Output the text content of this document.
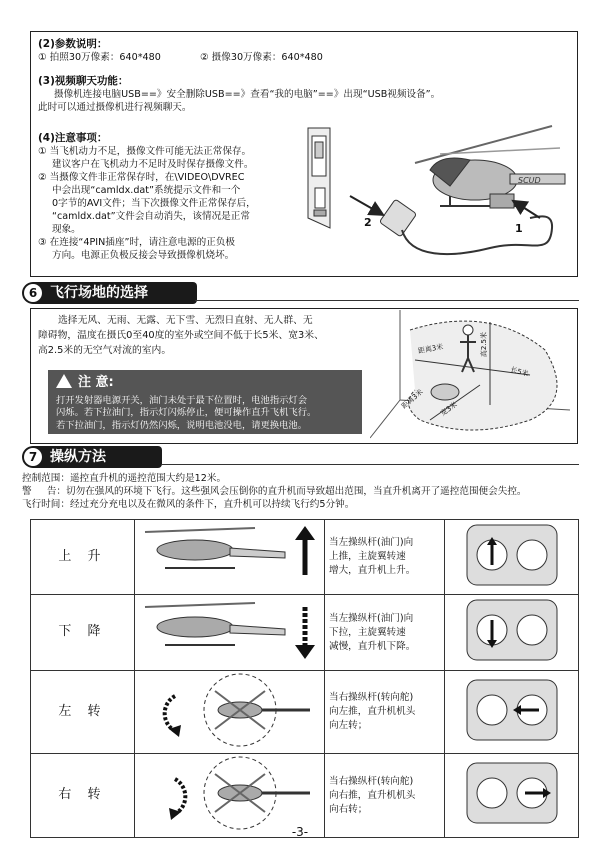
(2)参数说明：
① 拍照30万像素：640*480	② 摄像30万像素：640*480
(3)视频聊天功能：
摄像机连接电脑USB==》安全删除USB==》查看“我的电脑”==》出现“USB视频设备”。
此时可以通过摄像机进行视频聊天。
(4)注意事项：
① 当飞机动力不足，摄像文件可能无法正常保存。
建议客户在飞机动力不足时及时保存摄像文件。
② 当摄像文件非正常保存时，在\VIDEO\DVREC
中会出现“camldx.dat”系统提示文件和一个
0字节的AVI文件；当下次摄像文件正常保存后，
“camldx.dat”文件会自动消失，该情况是正常
现象。
③ 在连接“4PIN插座”时，请注意电源的正负极
方向。电源正负极反接会导致摄像机烧坏。
SCUD
2	1
6 飞行场地的选择
选择无风、无雨、无露、无下雪、无烈日直射、无人群、无
障碍物，温度在摄氏0至40度的室外或空间不低于长5米、宽3米、
高2.5米的无空气对流的室内。
注 意:
打开发射器电源开关，油门未处于最下位置时，电池指示灯会
闪烁。若下拉油门，指示灯闪烁停止，便可操作直升飞机飞行。
若下拉油门，指示灯仍然闪烁，说明电池没电，请更换电池。
高2.5米
长5米
宽3米
距离3米
距离3米
7 操纵方法
控制范围：遥控直升机的遥控范围大约是12米。
警     告：切勿在强风的环境下飞行。这些强风会压倒你的直升机而导致超出范围，当直升机离开了遥控范围便会失控。
飞行时间：经过充分充电以及在微风的条件下，直升机可以持续飞行约5分钟。
上 升		当左操纵杆(油门)向
上推，主旋翼转速
增大，直升机上升。

下 降		当左操纵杆(油门)向
下拉，主旋翼转速
减慢，直升机下降。

左 转		当右操纵杆(转向舵)
向左推，直升机机头
向左转；

右 转		当右操纵杆(转向舵)
向右推，直升机机头
向右转；

-3-
